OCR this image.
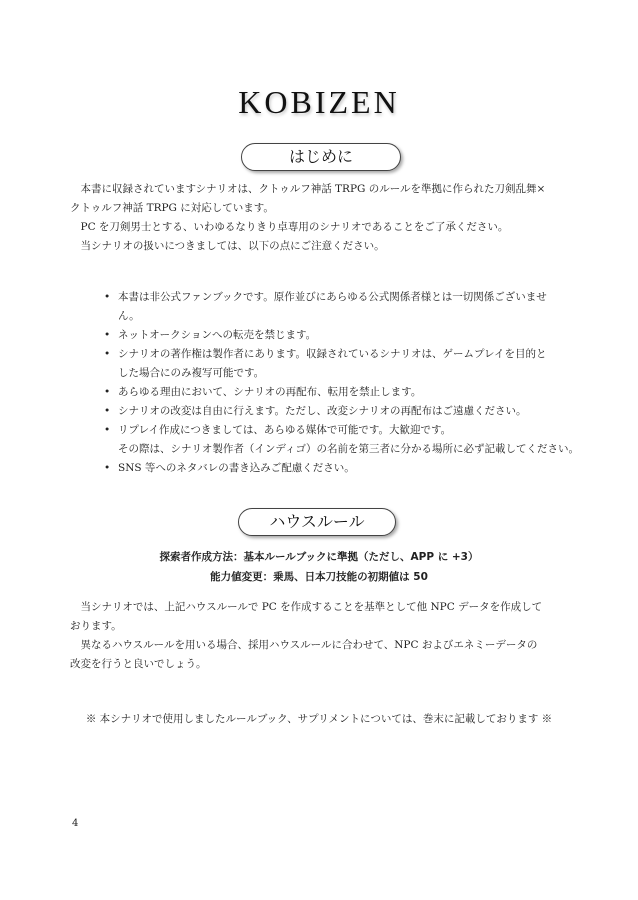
KOBIZEN
はじめに
　本書に収録されていますシナリオは、クトゥルフ神話 TRPG のルールを準拠に作られた刀剣乱舞×
クトゥルフ神話 TRPG に対応しています。
　PC を刀剣男士とする、いわゆるなりきり卓専用のシナリオであることをご了承ください。
　当シナリオの扱いにつきましては、以下の点にご注意ください。
• 本書は非公式ファンブックです。原作並びにあらゆる公式関係者様とは一切関係ございませ
ん。
• ネットオークションへの転売を禁じます。
• シナリオの著作権は製作者にあります。収録されているシナリオは、ゲームプレイを目的と
した場合にのみ複写可能です。
• あらゆる理由において、シナリオの再配布、転用を禁止します。
• シナリオの改変は自由に行えます。ただし、改変シナリオの再配布はご遠慮ください。
• リプレイ作成につきましては、あらゆる媒体で可能です。大歓迎です。
その際は、シナリオ製作者（インディゴ）の名前を第三者に分かる場所に必ず記載してください。
• SNS 等へのネタバレの書き込みご配慮ください。
ハウスルール
探索者作成方法：基本ルールブックに準拠（ただし、APP に +3）
能力値変更：乗馬、日本刀技能の初期値は 50
　当シナリオでは、上記ハウスルールで PC を作成することを基準として他 NPC データを作成して
おります。
　異なるハウスルールを用いる場合、採用ハウスルールに合わせて、NPC およびエネミーデータの
改変を行うと良いでしょう。
※ 本シナリオで使用しましたルールブック、サプリメントについては、巻末に記載しております ※
4
